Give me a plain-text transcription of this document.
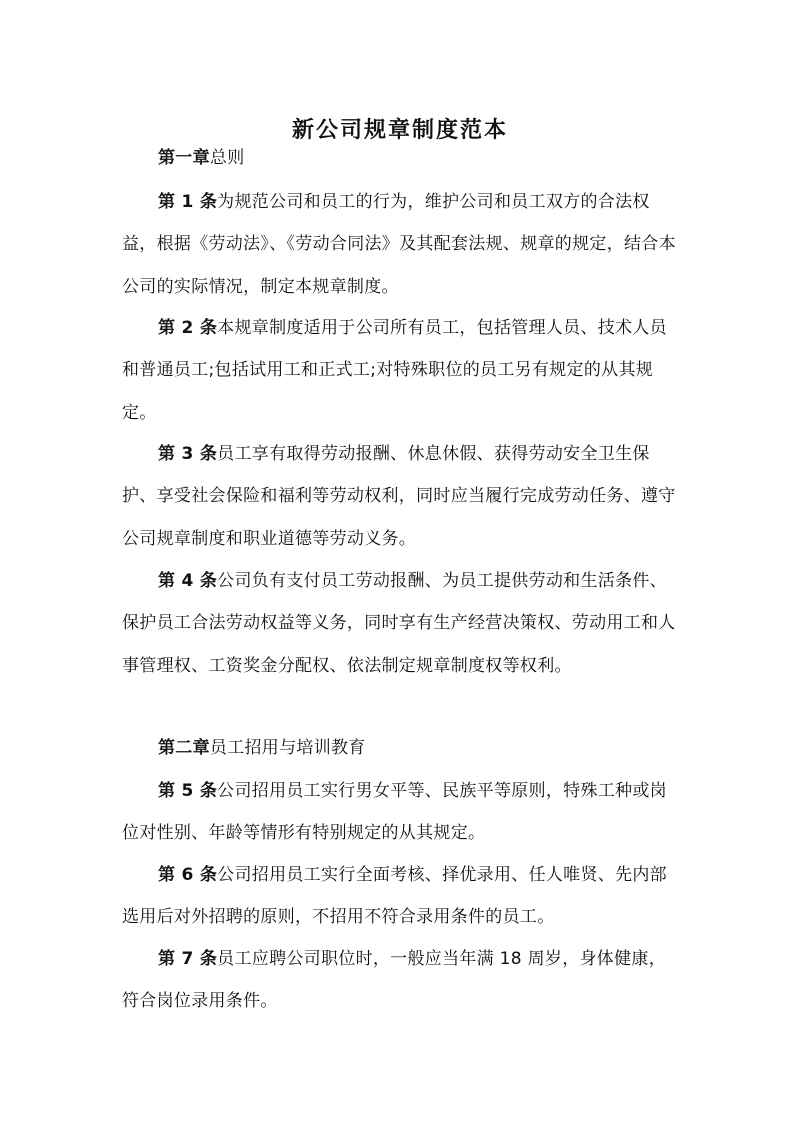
新公司规章制度范本

第一章总则

第 1 条为规范公司和员工的行为，维护公司和员工双方的合法权益，根据《劳动法》、《劳动合同法》及其配套法规、规章的规定，结合本公司的实际情况，制定本规章制度。

第 2 条本规章制度适用于公司所有员工，包括管理人员、技术人员和普通员工;包括试用工和正式工;对特殊职位的员工另有规定的从其规定。

第 3 条员工享有取得劳动报酬、休息休假、获得劳动安全卫生保护、享受社会保险和福利等劳动权利，同时应当履行完成劳动任务、遵守公司规章制度和职业道德等劳动义务。

第 4 条公司负有支付员工劳动报酬、为员工提供劳动和生活条件、保护员工合法劳动权益等义务，同时享有生产经营决策权、劳动用工和人事管理权、工资奖金分配权、依法制定规章制度权等权利。

第二章员工招用与培训教育

第 5 条公司招用员工实行男女平等、民族平等原则，特殊工种或岗位对性别、年龄等情形有特别规定的从其规定。

第 6 条公司招用员工实行全面考核、择优录用、任人唯贤、先内部选用后对外招聘的原则，不招用不符合录用条件的员工。

第 7 条员工应聘公司职位时，一般应当年满 18 周岁，身体健康，符合岗位录用条件。
